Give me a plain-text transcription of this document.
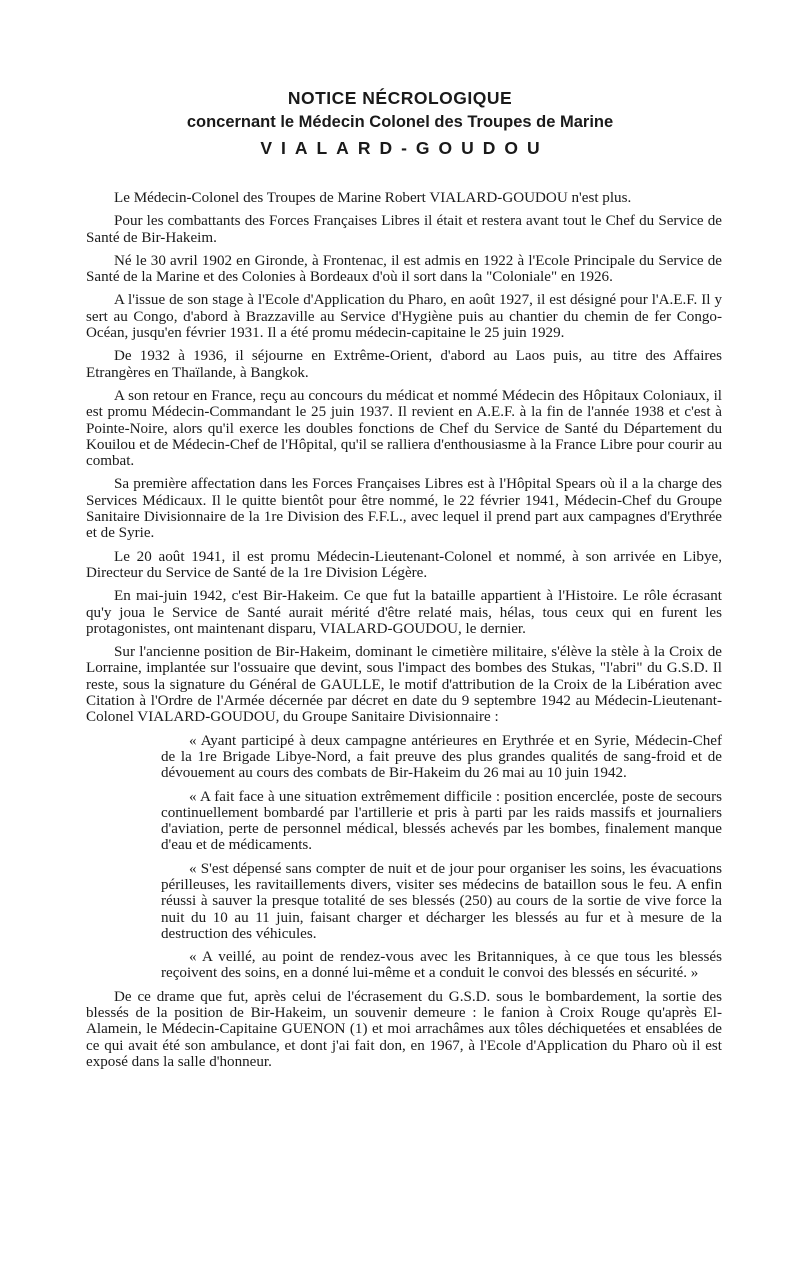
NOTICE NÉCROLOGIQUE

concernant le Médecin Colonel des Troupes de Marine

VIALARD-GOUDOU

Le Médecin-Colonel des Troupes de Marine Robert VIALARD-GOUDOU n'est plus.

Pour les combattants des Forces Françaises Libres il était et restera avant tout le Chef du Service de Santé de Bir-Hakeim.

Né le 30 avril 1902 en Gironde, à Frontenac, il est admis en 1922 à l'Ecole Principale du Service de Santé de la Marine et des Colonies à Bordeaux d'où il sort dans la "Coloniale" en 1926.

A l'issue de son stage à l'Ecole d'Application du Pharo, en août 1927, il est désigné pour l'A.E.F. Il y sert au Congo, d'abord à Brazzaville au Service d'Hygiène puis au chantier du chemin de fer Congo-Océan, jusqu'en février 1931. Il a été promu médecin-capitaine le 25 juin 1929.

De 1932 à 1936, il séjourne en Extrême-Orient, d'abord au Laos puis, au titre des Affaires Etrangères en Thaïlande, à Bangkok.

A son retour en France, reçu au concours du médicat et nommé Médecin des Hôpitaux Coloniaux, il est promu Médecin-Commandant le 25 juin 1937. Il revient en A.E.F. à la fin de l'année 1938 et c'est à Pointe-Noire, alors qu'il exerce les doubles fonctions de Chef du Service de Santé du Département du Kouilou et de Médecin-Chef de l'Hôpital, qu'il se ralliera d'enthousiasme à la France Libre pour courir au combat.

Sa première affectation dans les Forces Françaises Libres est à l'Hôpital Spears où il a la charge des Services Médicaux. Il le quitte bientôt pour être nommé, le 22 février 1941, Médecin-Chef du Groupe Sanitaire Divisionnaire de la 1re Division des F.F.L., avec lequel il prend part aux campagnes d'Erythrée et de Syrie.

Le 20 août 1941, il est promu Médecin-Lieutenant-Colonel et nommé, à son arrivée en Libye, Directeur du Service de Santé de la 1re Division Légère.

En mai-juin 1942, c'est Bir-Hakeim. Ce que fut la bataille appartient à l'Histoire. Le rôle écrasant qu'y joua le Service de Santé aurait mérité d'être relaté mais, hélas, tous ceux qui en furent les protagonistes, ont maintenant disparu, VIALARD-GOUDOU, le dernier.

Sur l'ancienne position de Bir-Hakeim, dominant le cimetière militaire, s'élève la stèle à la Croix de Lorraine, implantée sur l'ossuaire que devint, sous l'impact des bombes des Stukas, "l'abri" du G.S.D. Il reste, sous la signature du Général de GAULLE, le motif d'attribution de la Croix de la Libération avec Citation à l'Ordre de l'Armée décernée par décret en date du 9 septembre 1942 au Médecin-Lieutenant-Colonel VIALARD-GOUDOU, du Groupe Sanitaire Divisionnaire :

« Ayant participé à deux campagne antérieures en Erythrée et en Syrie, Médecin-Chef de la 1re Brigade Libye-Nord, a fait preuve des plus grandes qualités de sang-froid et de dévouement au cours des combats de Bir-Hakeim du 26 mai au 10 juin 1942.

« A fait face à une situation extrêmement difficile : position encerclée, poste de secours continuellement bombardé par l'artillerie et pris à parti par les raids massifs et journaliers d'aviation, perte de personnel médical, blessés achevés par les bombes, finalement manque d'eau et de médicaments.

« S'est dépensé sans compter de nuit et de jour pour organiser les soins, les évacuations périlleuses, les ravitaillements divers, visiter ses médecins de bataillon sous le feu. A enfin réussi à sauver la presque totalité de ses blessés (250) au cours de la sortie de vive force la nuit du 10 au 11 juin, faisant charger et décharger les blessés au fur et à mesure de la destruction des véhicules.

« A veillé, au point de rendez-vous avec les Britanniques, à ce que tous les blessés reçoivent des soins, en a donné lui-même et a conduit le convoi des blessés en sécurité. »

De ce drame que fut, après celui de l'écrasement du G.S.D. sous le bombardement, la sortie des blessés de la position de Bir-Hakeim, un souvenir demeure : le fanion à Croix Rouge qu'après El-Alamein, le Médecin-Capitaine GUENON (1) et moi arrachâmes aux tôles déchiquetées et ensablées de ce qui avait été son ambulance, et dont j'ai fait don, en 1967, à l'Ecole d'Application du Pharo où il est exposé dans la salle d'honneur.
